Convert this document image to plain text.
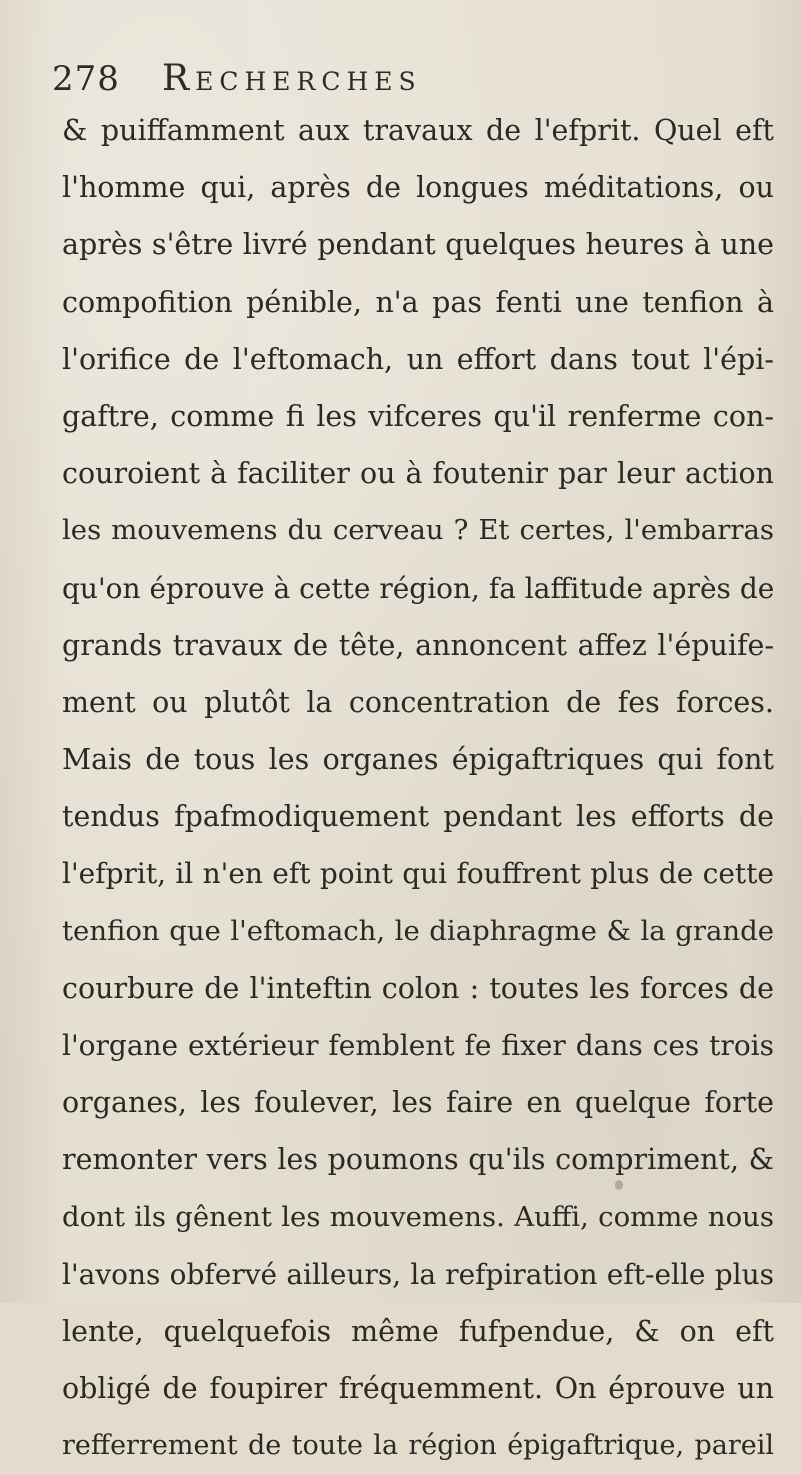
278	Recherches
& puiffamment aux travaux de l'efprit. Quel eft
l'homme qui, après de longues méditations, ou
après s'être livré pendant quelques heures à une
compofition pénible, n'a pas fenti une tenfion à
l'orifice de l'eftomach, un effort dans tout l'épi-
gaftre, comme fi les vifceres qu'il renferme con-
couroient à faciliter ou à foutenir par leur action
les mouvemens du cerveau ? Et certes, l'embarras
qu'on éprouve à cette région, fa laffitude après de
grands travaux de tête, annoncent affez l'épuife-
ment ou plutôt la concentration de fes forces.
Mais de tous les organes épigaftriques qui font
tendus fpafmodiquement pendant les efforts de
l'efprit, il n'en eft point qui fouffrent plus de cette
tenfion que l'eftomach, le diaphragme & la grande
courbure de l'inteftin colon : toutes les forces de
l'organe extérieur femblent fe fixer dans ces trois
organes, les foulever, les faire en quelque forte
remonter vers les poumons qu'ils compriment, &
dont ils gênent les mouvemens. Auffi, comme nous
l'avons obfervé ailleurs, la refpiration eft-elle plus
lente, quelquefois même fufpendue, & on eft
obligé de foupirer fréquemment. On éprouve un
refferrement de toute la région épigaftrique, pareil
